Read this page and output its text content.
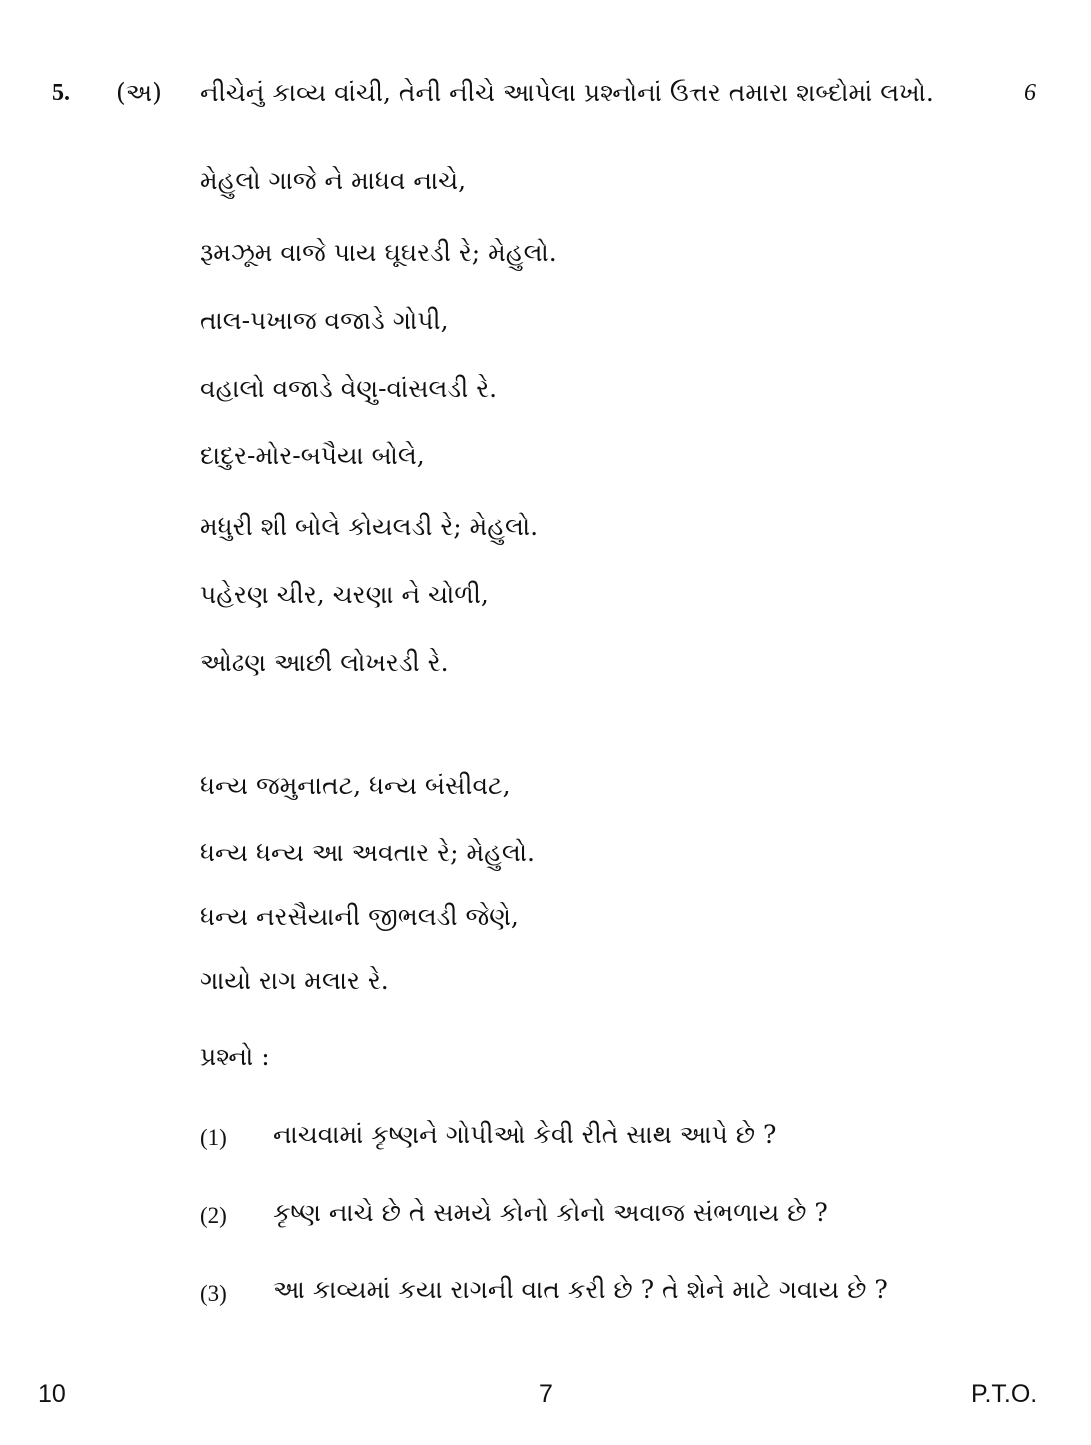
5. (અ) નીચેનું કાવ્ય વાંચી, તેની નીચે આપેલા પ્રશ્નોનાં ઉત્તર તમારા શબ્દોમાં લખો.	6
મેહુલો ગાજે ને માધવ નાચે,
રૂમઝૂમ વાજે પાય ઘૂઘરડી રે; મેહુલો.
તાલ-પખાજ વજાડે ગોપી,
વહાલો વજાડે વેણુ-વાંસલડી રે.
દાદુર-મોર-બપૈયા બોલે,
મધુરી શી બોલે કોયલડી રે; મેહુલો.
પહેરણ ચીર, ચરણા ને ચોળી,
ઓઢણ આછી લોખરડી રે.
ધન્ય જમુનાતટ, ધન્ય બંસીવટ,
ધન્ય ધન્ય આ અવતાર રે; મેહુલો.
ધન્ય નરસૈયાની જીભલડી જેણે,
ગાયો રાગ મલાર રે.
પ્રશ્નો :
(1) નાચવામાં કૃષ્ણને ગોપીઓ કેવી રીતે સાથ આપે છે ?
(2) કૃષ્ણ નાચે છે તે સમયે કોનો કોનો અવાજ સંભળાય છે ?
(3) આ કાવ્યમાં કયા રાગની વાત કરી છે ? તે શેને માટે ગવાય છે ?
10	7	P.T.O.
